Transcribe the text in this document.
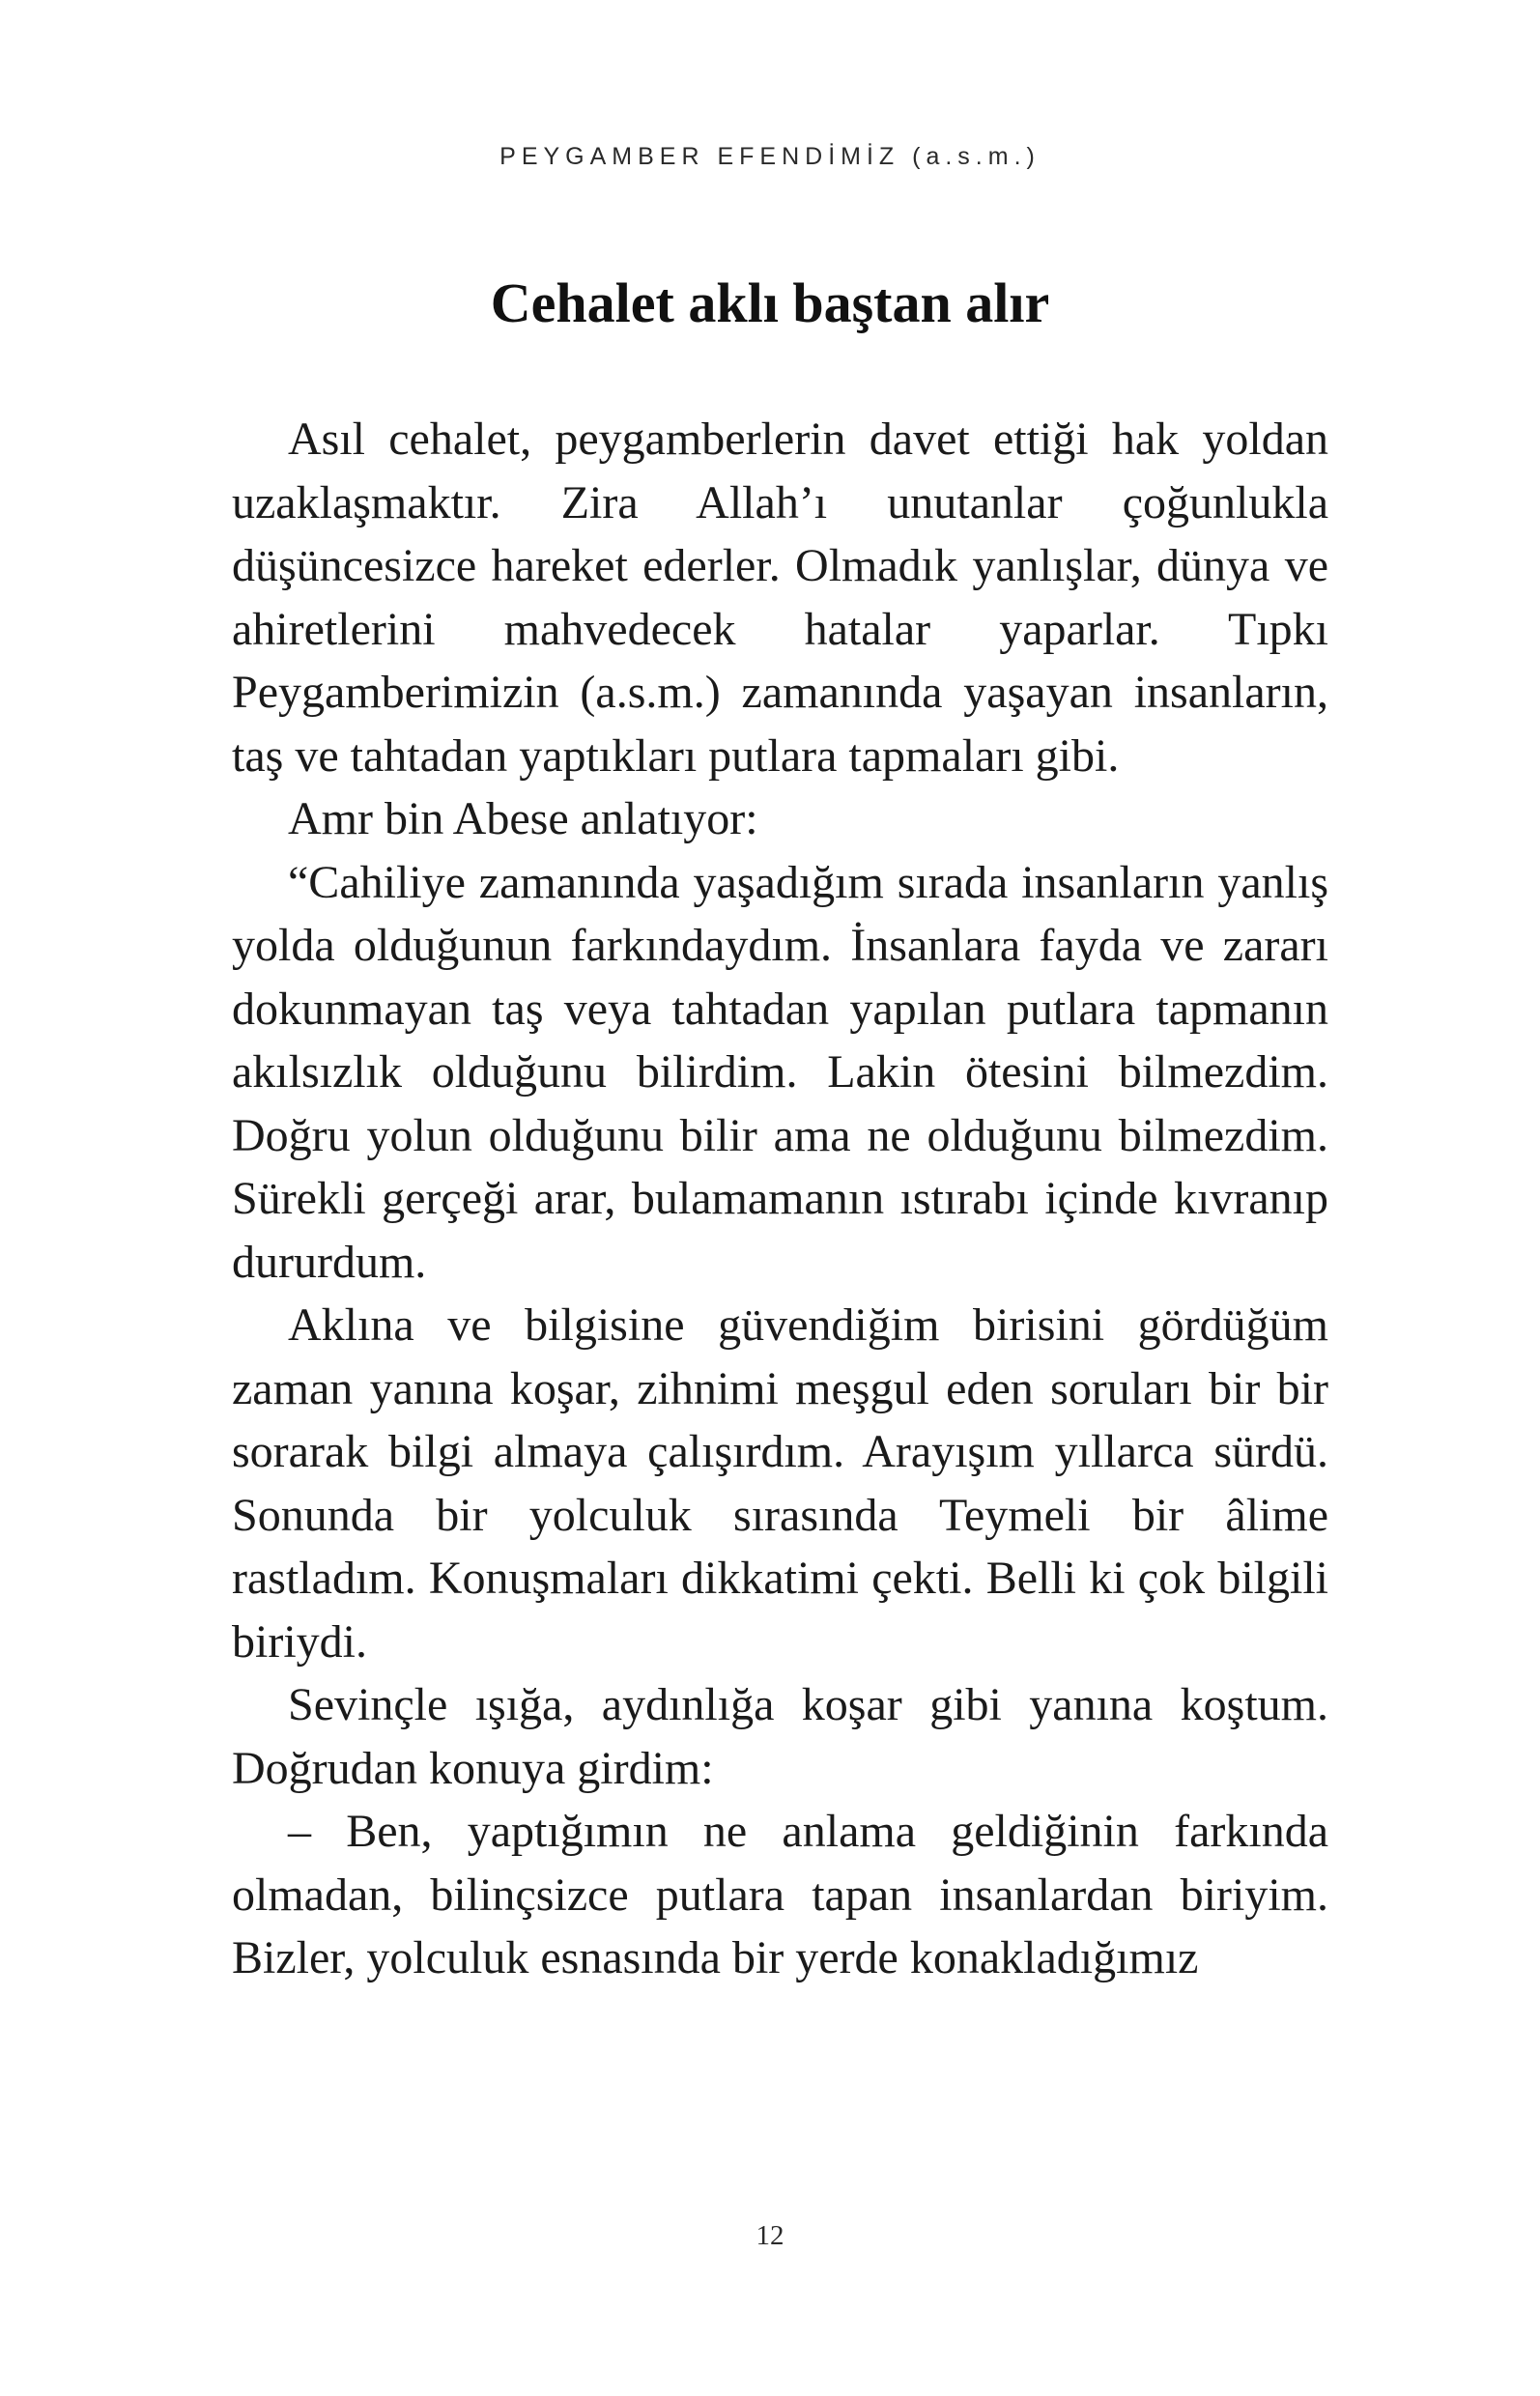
PEYGAMBER EFENDİMİZ (a.s.m.)
Cehalet aklı baştan alır

Asıl cehalet, peygamberlerin davet ettiği hak yoldan uzaklaşmaktır. Zira Allah’ı unutanlar çoğunlukla düşüncesizce hareket ederler. Olmadık yanlışlar, dünya ve ahiretlerini mahvedecek hatalar yaparlar. Tıpkı Peygamberimizin (a.s.m.) zamanında yaşayan insanların, taş ve tahtadan yaptıkları putlara tapmaları gibi.

Amr bin Abese anlatıyor:

“Cahiliye zamanında yaşadığım sırada insanların yanlış yolda olduğunun farkındaydım. İnsanlara fayda ve zararı dokunmayan taş veya tahtadan yapılan putlara tapmanın akılsızlık olduğunu bilirdim. Lakin ötesini bilmezdim. Doğru yolun olduğunu bilir ama ne olduğunu bilmezdim. Sürekli gerçeği arar, bulamamanın ıstırabı içinde kıvranıp dururdum.

Aklına ve bilgisine güvendiğim birisini gördüğüm zaman yanına koşar, zihnimi meşgul eden soruları bir bir sorarak bilgi almaya çalışırdım. Arayışım yıllarca sürdü. Sonunda bir yolculuk sırasında Teymeli bir âlime rastladım. Konuşmaları dikkatimi çekti. Belli ki çok bilgili biriydi.

Sevinçle ışığa, aydınlığa koşar gibi yanına koştum. Doğrudan konuya girdim:

– Ben, yaptığımın ne anlama geldiğinin farkında olmadan, bilinçsizce putlara tapan insanlardan biriyim. Bizler, yolculuk esnasında bir yerde konakladığımız

12
